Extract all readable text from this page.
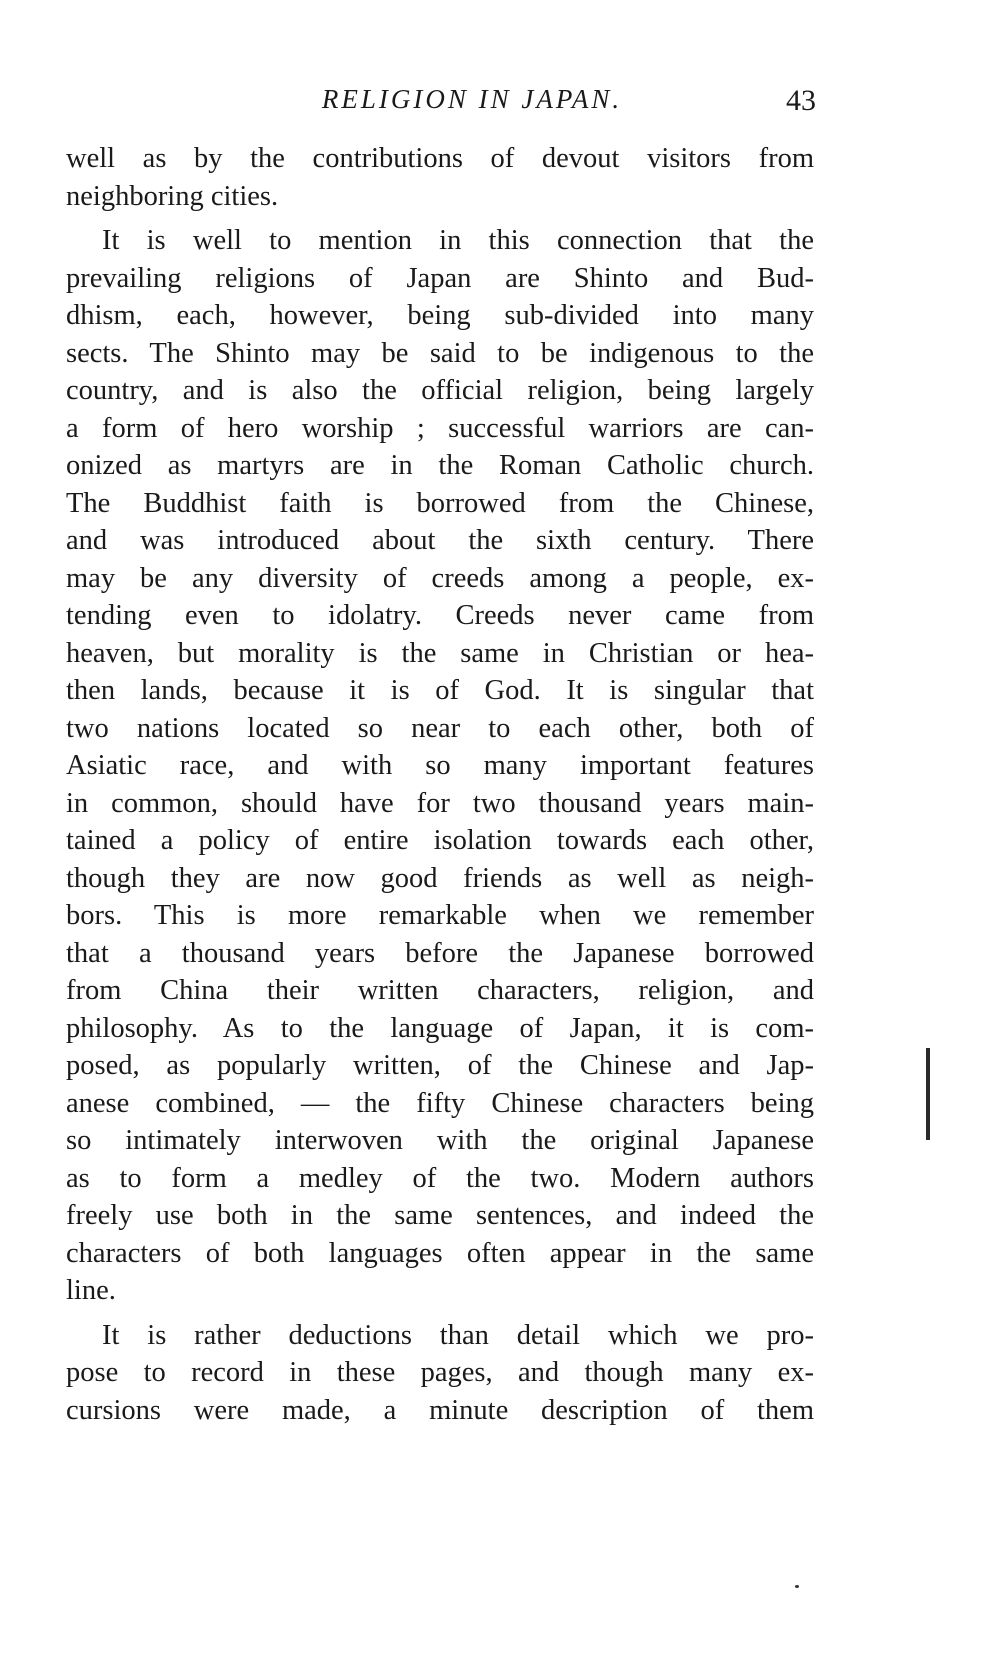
RELIGION IN JAPAN.	43
well as by the contributions of devout visitors from
neighboring cities.
It is well to mention in this connection that the
prevailing religions of Japan are Shinto and Bud-
dhism, each, however, being sub-divided into many
sects. The Shinto may be said to be indigenous to the
country, and is also the official religion, being largely
a form of hero worship ; successful warriors are can-
onized as martyrs are in the Roman Catholic church.
The Buddhist faith is borrowed from the Chinese,
and was introduced about the sixth century. There
may be any diversity of creeds among a people, ex-
tending even to idolatry. Creeds never came from
heaven, but morality is the same in Christian or hea-
then lands, because it is of God. It is singular that
two nations located so near to each other, both of
Asiatic race, and with so many important features
in common, should have for two thousand years main-
tained a policy of entire isolation towards each other,
though they are now good friends as well as neigh-
bors. This is more remarkable when we remember
that a thousand years before the Japanese borrowed
from China their written characters, religion, and
philosophy. As to the language of Japan, it is com-
posed, as popularly written, of the Chinese and Jap-
anese combined, — the fifty Chinese characters being
so intimately interwoven with the original Japanese
as to form a medley of the two. Modern authors
freely use both in the same sentences, and indeed the
characters of both languages often appear in the same
line.
It is rather deductions than detail which we pro-
pose to record in these pages, and though many ex-
cursions were made, a minute description of them
